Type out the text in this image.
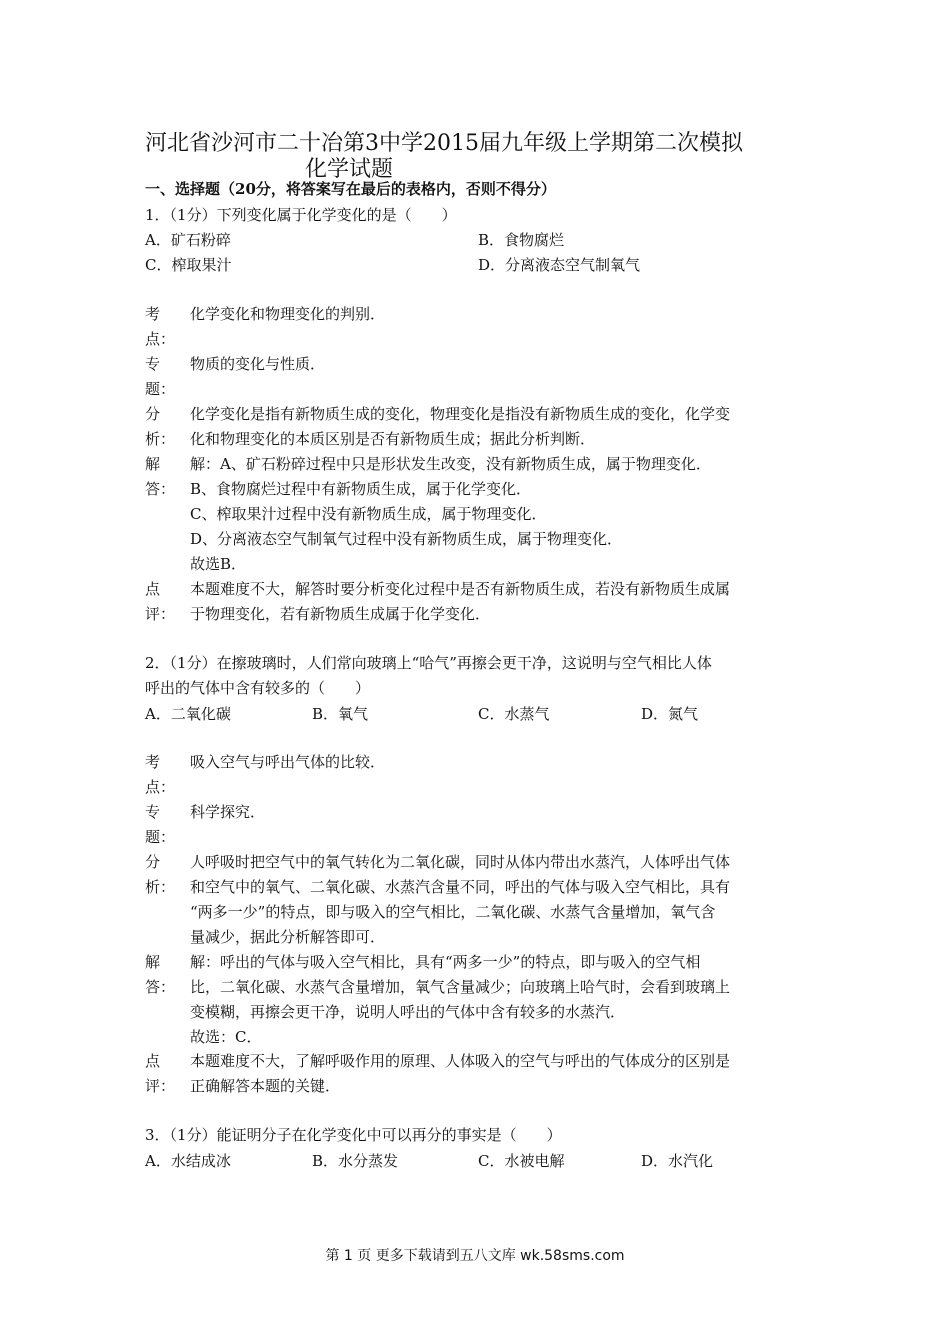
河北省沙河市二十冶第3中学2015届九年级上学期第二次模拟
化学试题
一、选择题（20分，将答案写在最后的表格内，否则不得分）
1．（1分）下列变化属于化学变化的是（　　）
A．矿石粉碎	B．食物腐烂
C．榨取果汁	D．分离液态空气制氧气
考点：
化学变化和物理变化的判别．
专题：
物质的变化与性质．
分析：
化学变化是指有新物质生成的变化，物理变化是指没有新物质生成的变化，化学变
化和物理变化的本质区别是否有新物质生成；据此分析判断．
解答：
解：A、矿石粉碎过程中只是形状发生改变，没有新物质生成，属于物理变化．
B、食物腐烂过程中有新物质生成，属于化学变化．
C、榨取果汁过程中没有新物质生成，属于物理变化．
D、分离液态空气制氧气过程中没有新物质生成，属于物理变化．
故选B．
点评：
本题难度不大，解答时要分析变化过程中是否有新物质生成，若没有新物质生成属
于物理变化，若有新物质生成属于化学变化．
2．（1分）在擦玻璃时，人们常向玻璃上“哈气”再擦会更干净，这说明与空气相比人体
呼出的气体中含有较多的（　　）
A．二氧化碳	B．氧气	C．水蒸气	D．氮气
考点：
吸入空气与呼出气体的比较．
专题：
科学探究．
分析：
人呼吸时把空气中的氧气转化为二氧化碳，同时从体内带出水蒸汽，人体呼出气体
和空气中的氧气、二氧化碳、水蒸汽含量不同，呼出的气体与吸入空气相比，具有
“两多一少”的特点，即与吸入的空气相比，二氧化碳、水蒸气含量增加，氧气含
量减少，据此分析解答即可．
解答：
解：呼出的气体与吸入空气相比，具有“两多一少”的特点，即与吸入的空气相
比，二氧化碳、水蒸气含量增加，氧气含量减少；向玻璃上哈气时，会看到玻璃上
变模糊，再擦会更干净，说明人呼出的气体中含有较多的水蒸汽．
故选：C．
点评：
本题难度不大，了解呼吸作用的原理、人体吸入的空气与呼出的气体成分的区别是
正确解答本题的关键．
3．（1分）能证明分子在化学变化中可以再分的事实是（　　）
A．水结成冰	B．水分蒸发	C．水被电解	D．水汽化
第 1 页 更多下载请到五八文库 wk.58sms.com
